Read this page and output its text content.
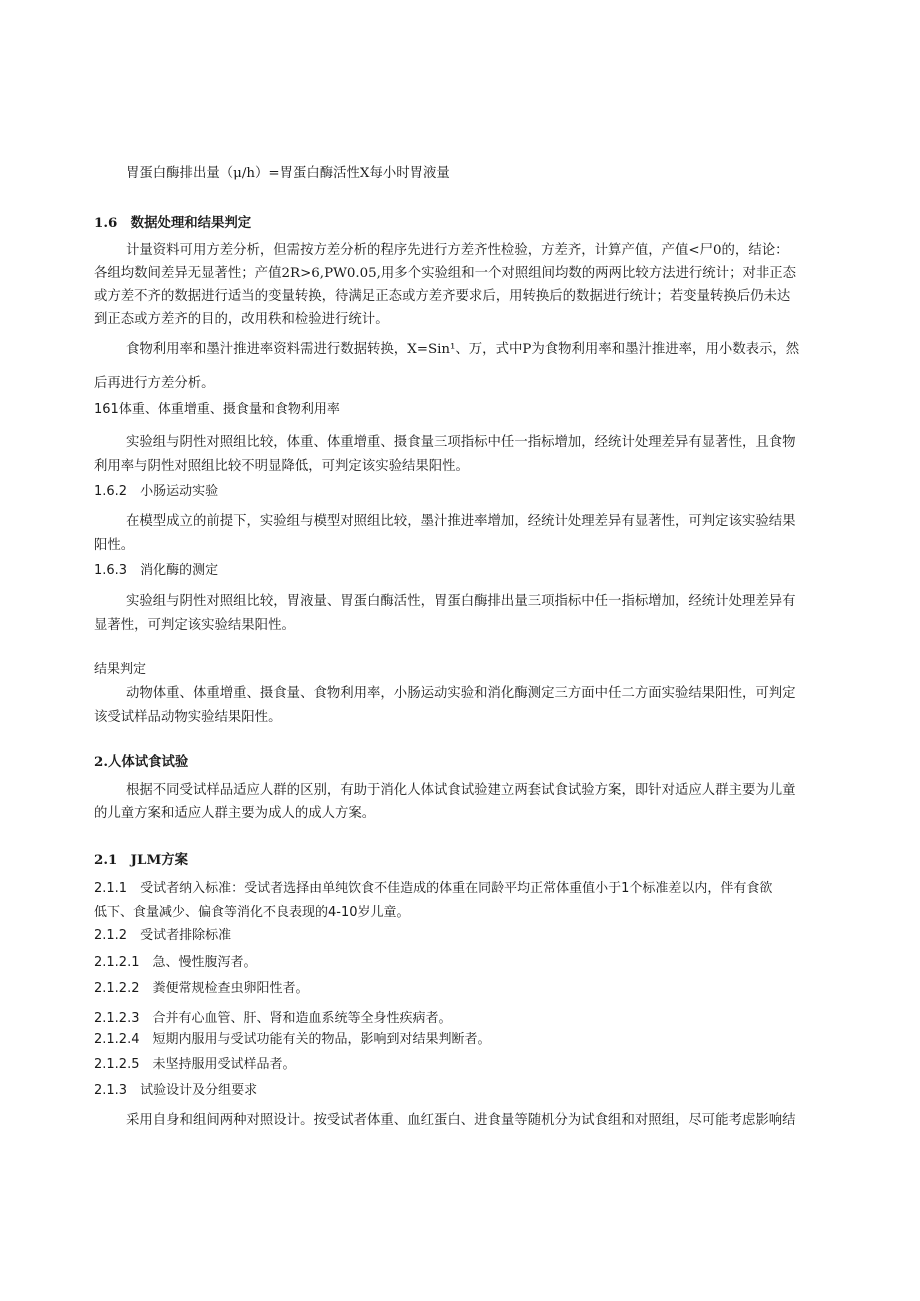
胃蛋白酶排出量（μ/h）=胃蛋白酶活性X每小时胃液量
1.6　数据处理和结果判定
计量资料可用方差分析，但需按方差分析的程序先进行方差齐性检验，方差齐，计算产值，产值<尸0的，结论：
各组均数间差异无显著性；产值2R>6,PW0.05,用多个实验组和一个对照组间均数的两两比较方法进行统计；对非正态
或方差不齐的数据进行适当的变量转换，待满足正态或方差齐要求后，用转换后的数据进行统计；若变量转换后仍未达
到正态或方差齐的目的，改用秩和检验进行统计。
食物利用率和墨汁推进率资料需进行数据转换，X=Sin¹、万，式中P为食物利用率和墨汁推进率，用小数表示，然
后再进行方差分析。
161体重、体重增重、摄食量和食物利用率
实验组与阴性对照组比较，体重、体重增重、摄食量三项指标中任一指标增加，经统计处理差异有显著性，且食物
利用率与阴性对照组比较不明显降低，可判定该实验结果阳性。
1.6.2　小肠运动实验
在模型成立的前提下，实验组与模型对照组比较，墨汁推进率增加，经统计处理差异有显著性，可判定该实验结果
阳性。
1.6.3　消化酶的测定
实验组与阴性对照组比较，胃液量、胃蛋白酶活性，胃蛋白酶排出量三项指标中任一指标增加，经统计处理差异有
显著性，可判定该实验结果阳性。
结果判定
动物体重、体重增重、摄食量、食物利用率，小肠运动实验和消化酶测定三方面中任二方面实验结果阳性，可判定
该受试样品动物实验结果阳性。
2.人体试食试验
根据不同受试样品适应人群的区别，有助于消化人体试食试验建立两套试食试验方案，即针对适应人群主要为儿童
的儿童方案和适应人群主要为成人的成人方案。
2.1　JLM方案
2.1.1　受试者纳入标准：受试者选择由单纯饮食不佳造成的体重在同龄平均正常体重值小于1个标准差以内，伴有食欲
低下、食量减少、偏食等消化不良表现的4-10岁儿童。
2.1.2　受试者排除标准
2.1.2.1　急、慢性腹泻者。
2.1.2.2　粪便常规检查虫卵阳性者。
2.1.2.3　合并有心血管、肝、肾和造血系统等全身性疾病者。
2.1.2.4　短期内服用与受试功能有关的物品，影响到对结果判断者。
2.1.2.5　未坚持服用受试样品者。
2.1.3　试验设计及分组要求
采用自身和组间两种对照设计。按受试者体重、血红蛋白、进食量等随机分为试食组和对照组，尽可能考虑影响结
